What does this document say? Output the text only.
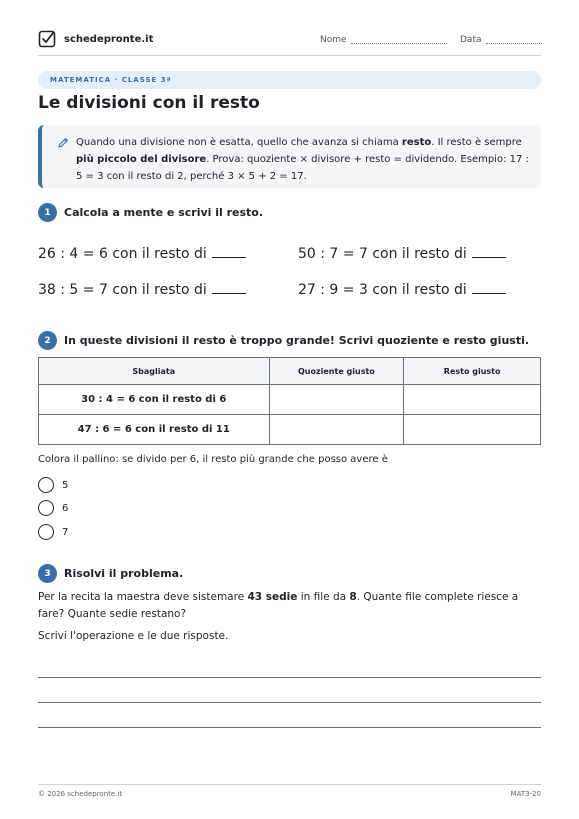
schedepronte.it	Nome	Data
MATEMATICA · CLASSE 3ª
Le divisioni con il resto
Quando una divisione non è esatta, quello che avanza si chiama resto. Il resto è sempre più piccolo del divisore. Prova: quoziente × divisore + resto = dividendo. Esempio: 17 : 5 = 3 con il resto di 2, perché 3 × 5 + 2 = 17.
1	Calcola a mente e scrivi il resto.
26 : 4 = 6 con il resto di	50 : 7 = 7 con il resto di
38 : 5 = 7 con il resto di	27 : 9 = 3 con il resto di
2	In queste divisioni il resto è troppo grande! Scrivi quoziente e resto giusti.
Sbagliata	Quoziente giusto	Resto giusto
30 : 4 = 6 con il resto di 6		
47 : 6 = 6 con il resto di 11		
Colora il pallino: se divido per 6, il resto più grande che posso avere è
5
6
7
3	Risolvi il problema.
Per la recita la maestra deve sistemare 43 sedie in file da 8. Quante file complete riesce a fare? Quante sedie restano?
Scrivi l'operazione e le due risposte.
© 2026 schedepronte.it	MAT3-20
